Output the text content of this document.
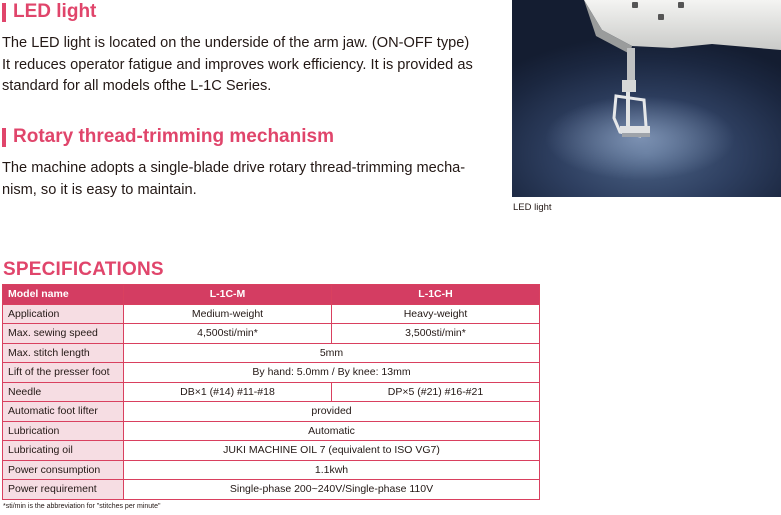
LED light
The LED light is located on the underside of the arm jaw. (ON-OFF type)
It reduces operator fatigue and improves work efficiency. It is provided as
standard for all models ofthe L-1C Series.
Rotary thread-trimming mechanism
The machine adopts a single-blade drive rotary thread-trimming mecha-
nism, so it is easy to maintain.
LED light
SPECIFICATIONS
Model name	L-1C-M	L-1C-H
Application	Medium-weight	Heavy-weight
Max. sewing speed	4,500sti/min*	3,500sti/min*
Max. stitch length	5mm	
Lift of the presser foot	By hand: 5.0mm / By knee: 13mm	
Needle	DB×1 (#14) #11-#18	DP×5 (#21) #16-#21
Automatic foot lifter	provided	
Lubrication	Automatic	
Lubricating oil	JUKI MACHINE OIL 7 (equivalent to ISO VG7)	
Power consumption	1.1kwh	
Power requirement	Single-phase 200~240V/Single-phase 110V	
*sti/min is the abbreviation for "stitches per minute"
